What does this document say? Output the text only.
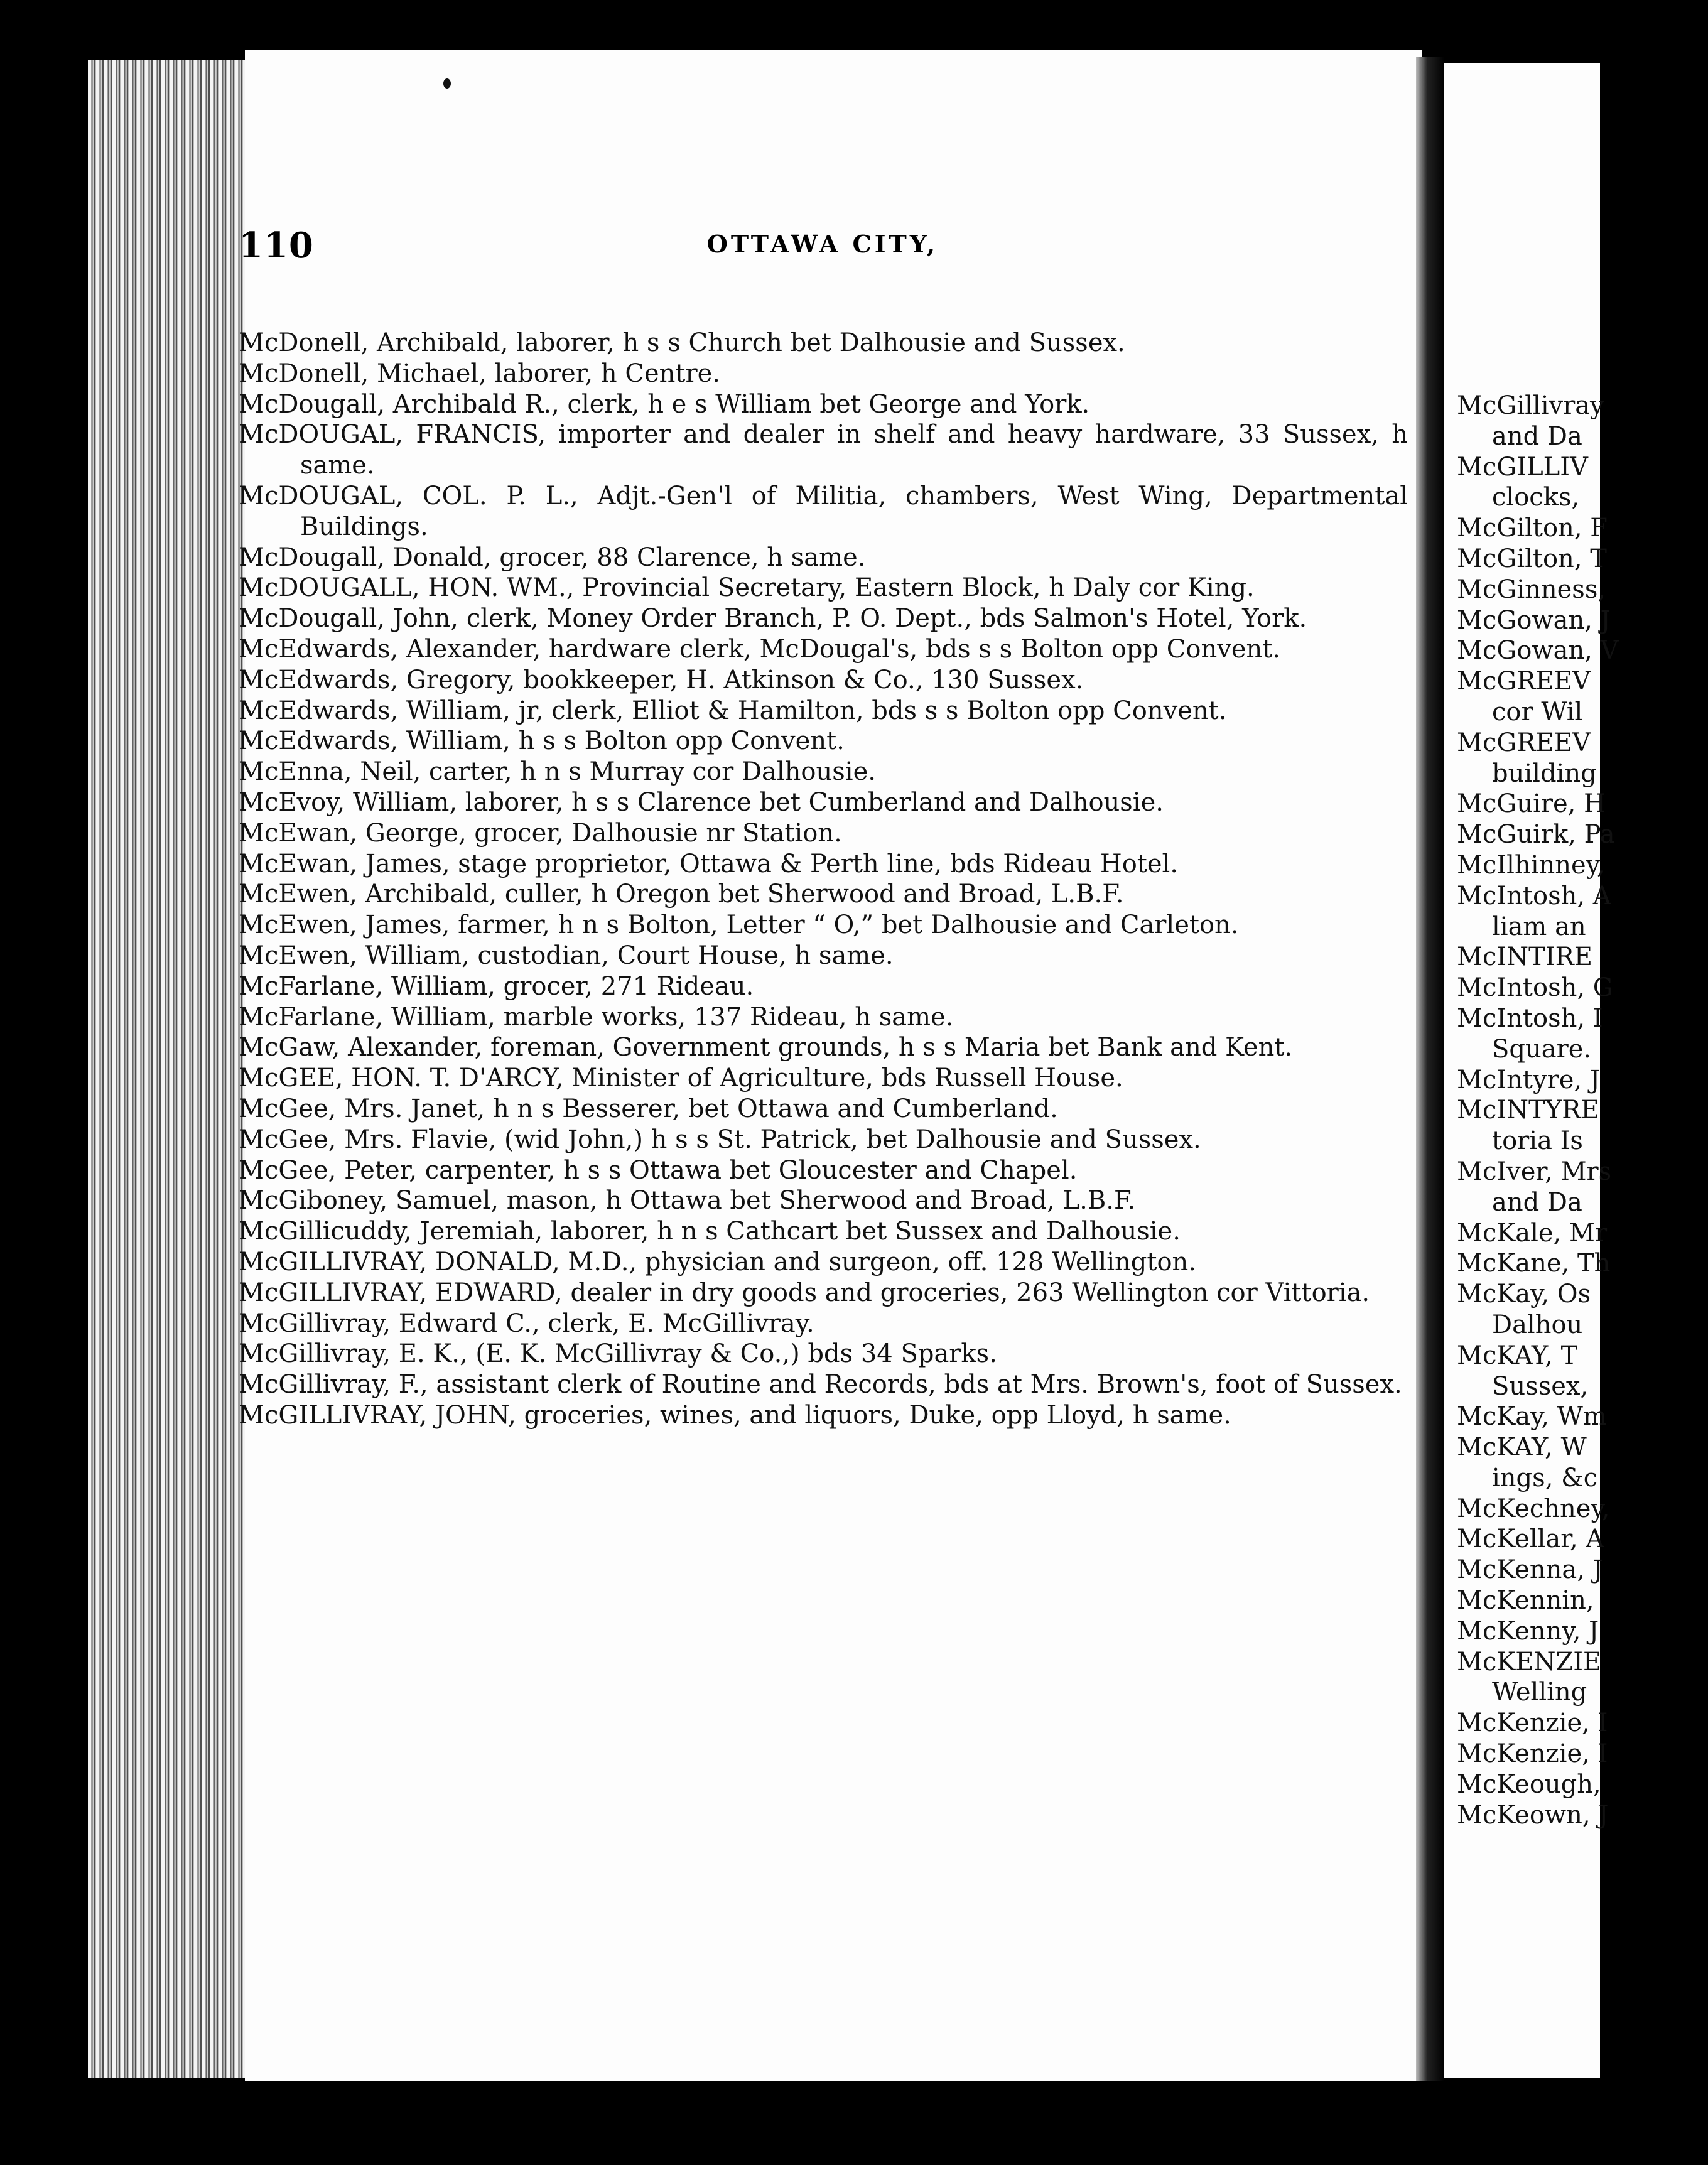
McGillivray
and Da
McGILLIV
clocks,
McGilton, F
McGilton, T
McGinness,
McGowan, J
McGowan, V
McGREEV
cor Wil
McGREEV
building
McGuire, H
McGuirk, Pa
McIlhinney,
McIntosh, A
liam an
McINTIRE
McIntosh, G
McIntosh, I
Square.
McIntyre, J
McINTYRE
toria Is
McIver, Mrs
and Da
McKale, Mr
McKane, Th
McKay, Os
Dalhou
McKAY, T
Sussex,
McKay, Wm
McKAY, W
ings, &c
McKechney,
McKellar, A
McKenna, J
McKennin,
McKenny, J
McKENZIE
Welling
McKenzie, I
McKenzie, I
McKeough,
McKeown, J
110	OTTAWA CITY,
McDonell, Archibald, laborer, h s s Church bet Dalhousie and Sussex.
McDonell, Michael, laborer, h Centre.
McDougall, Archibald R., clerk, h e s William bet George and York.
McDOUGAL, FRANCIS, importer and dealer in shelf and heavy hardware, 33 Sussex, h same.
McDOUGAL, COL. P. L., Adjt.-Gen'l of Militia, chambers, West Wing, Departmental Buildings.
McDougall, Donald, grocer, 88 Clarence, h same.
McDOUGALL, HON. WM., Provincial Secretary, Eastern Block, h Daly cor King.
McDougall, John, clerk, Money Order Branch, P. O. Dept., bds Salmon's Hotel, York.
McEdwards, Alexander, hardware clerk, McDougal's, bds s s Bolton opp Convent.
McEdwards, Gregory, bookkeeper, H. Atkinson & Co., 130 Sussex.
McEdwards, William, jr, clerk, Elliot & Hamilton, bds s s Bolton opp Convent.
McEdwards, William, h s s Bolton opp Convent.
McEnna, Neil, carter, h n s Murray cor Dalhousie.
McEvoy, William, laborer, h s s Clarence bet Cumberland and Dalhousie.
McEwan, George, grocer, Dalhousie nr Station.
McEwan, James, stage proprietor, Ottawa & Perth line, bds Rideau Hotel.
McEwen, Archibald, culler, h Oregon bet Sherwood and Broad, L.B.F.
McEwen, James, farmer, h n s Bolton, Letter “ O,” bet Dalhousie and Carleton.
McEwen, William, custodian, Court House, h same.
McFarlane, William, grocer, 271 Rideau.
McFarlane, William, marble works, 137 Rideau, h same.
McGaw, Alexander, foreman, Government grounds, h s s Maria bet Bank and Kent.
McGEE, HON. T. D'ARCY, Minister of Agriculture, bds Russell House.
McGee, Mrs. Janet, h n s Besserer, bet Ottawa and Cumberland.
McGee, Mrs. Flavie, (wid John,) h s s St. Patrick, bet Dalhousie and Sussex.
McGee, Peter, carpenter, h s s Ottawa bet Gloucester and Chapel.
McGiboney, Samuel, mason, h Ottawa bet Sherwood and Broad, L.B.F.
McGillicuddy, Jeremiah, laborer, h n s Cathcart bet Sussex and Dalhousie.
McGILLIVRAY, DONALD, M.D., physician and surgeon, off. 128 Wellington.
McGILLIVRAY, EDWARD, dealer in dry goods and groceries, 263 Wellington cor Vittoria.
McGillivray, Edward C., clerk, E. McGillivray.
McGillivray, E. K., (E. K. McGillivray & Co.,) bds 34 Sparks.
McGillivray, F., assistant clerk of Routine and Records, bds at Mrs. Brown's, foot of Sussex.
McGILLIVRAY, JOHN, groceries, wines, and liquors, Duke, opp Lloyd, h same.
